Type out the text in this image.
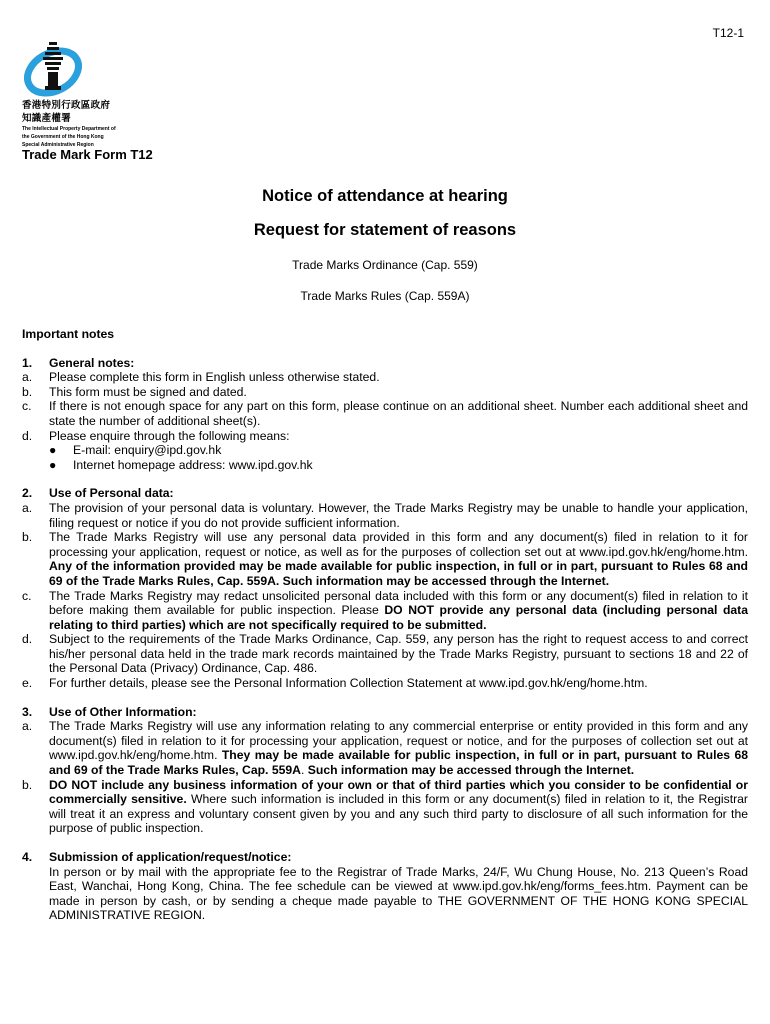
T12-1
香港特別行政區政府
知識產權署
The Intellectual Property Department of
the Government of the Hong Kong
Special Administrative Region
Trade Mark Form T12
Notice of attendance at hearing
Request for statement of reasons
Trade Marks Ordinance (Cap. 559)
Trade Marks Rules (Cap. 559A)
Important notes
1.	General notes:
a.	Please complete this form in English unless otherwise stated.
b.	This form must be signed and dated.
c.	If there is not enough space for any part on this form, please continue on an additional sheet. Number each additional sheet and state the number of additional sheet(s).
d.	Please enquire through the following means:
●	E-mail: enquiry@ipd.gov.hk
●	Internet homepage address: www.ipd.gov.hk
2.	Use of Personal data:
a.	The provision of your personal data is voluntary. However, the Trade Marks Registry may be unable to handle your application, filing request or notice if you do not provide sufficient information.
b.	The Trade Marks Registry will use any personal data provided in this form and any document(s) filed in relation to it for processing your application, request or notice, as well as for the purposes of collection set out at www.ipd.gov.hk/eng/home.htm. Any of the information provided may be made available for public inspection, in full or in part, pursuant to Rules 68 and 69 of the Trade Marks Rules, Cap. 559A. Such information may be accessed through the Internet.
c.	The Trade Marks Registry may redact unsolicited personal data included with this form or any document(s) filed in relation to it before making them available for public inspection. Please DO NOT provide any personal data (including personal data relating to third parties) which are not specifically required to be submitted.
d.	Subject to the requirements of the Trade Marks Ordinance, Cap. 559, any person has the right to request access to and correct his/her personal data held in the trade mark records maintained by the Trade Marks Registry, pursuant to sections 18 and 22 of the Personal Data (Privacy) Ordinance, Cap. 486.
e.	For further details, please see the Personal Information Collection Statement at www.ipd.gov.hk/eng/home.htm.
3.	Use of Other Information:
a.	The Trade Marks Registry will use any information relating to any commercial enterprise or entity provided in this form and any document(s) filed in relation to it for processing your application, request or notice, and for the purposes of collection set out at www.ipd.gov.hk/eng/home.htm. They may be made available for public inspection, in full or in part, pursuant to Rules 68 and 69 of the Trade Marks Rules, Cap. 559A. Such information may be accessed through the Internet.
b.	DO NOT include any business information of your own or that of third parties which you consider to be confidential or commercially sensitive. Where such information is included in this form or any document(s) filed in relation to it, the Registrar will treat it an express and voluntary consent given by you and any such third party to disclosure of all such information for the purpose of public inspection.
4.	Submission of application/request/notice:
In person or by mail with the appropriate fee to the Registrar of Trade Marks, 24/F, Wu Chung House, No. 213 Queen’s Road East, Wanchai, Hong Kong, China. The fee schedule can be viewed at www.ipd.gov.hk/eng/forms_fees.htm. Payment can be made in person by cash, or by sending a cheque made payable to THE GOVERNMENT OF THE HONG KONG SPECIAL ADMINISTRATIVE REGION.
